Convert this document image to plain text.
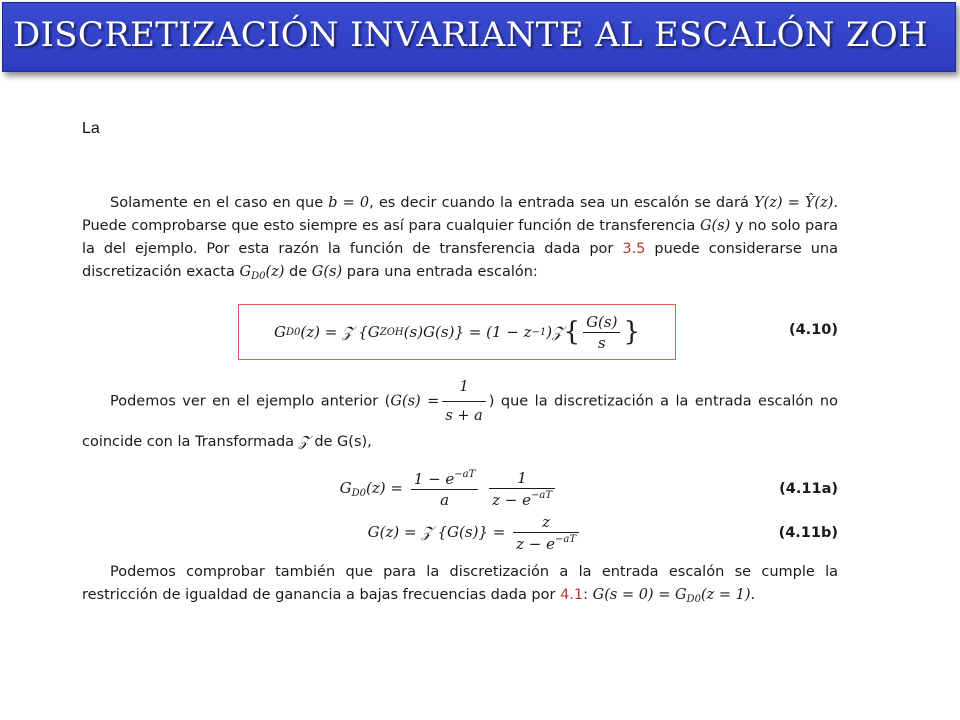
DISCRETIZACIÓN INVARIANTE AL ESCALÓN ZOH
La
Solamente en el caso en que b = 0, es decir cuando la entrada sea un escalón se dará Y(z) = Ŷ(z). Puede comprobarse que esto siempre es así para cualquier función de transferencia G(s) y no solo para la del ejemplo. Por esta razón la función de transferencia dada por 3.5 puede considerarse una discretización exacta $G_{D0}(z)$ de G(s) para una entrada escalón:
G D0 (z) = 𝒵 {G ZOH (s)G(s)} = (1 − z −1 )𝒵 { $\frac{G(s)}{s}$ }	(4.10)
Podemos ver en el ejemplo anterior ($G(s) = \frac{1}{s + a}$ ) que la discretización a la entrada escalón no coincide con la Transformada 𝒵 de G(s),
$G_{D0}(z) = \frac{1 - e^{-aT}}{a}$
$\frac{1}{z - e^{-aT}}$	(4.11a)
G(z) = 𝒵 $\{G(s)\} = \frac{z}{z - e^{-aT}}$	(4.11b)
Podemos comprobar también que para la discretización a la entrada escalón se cumple la restricción de igualdad de ganancia a bajas frecuencias dada por 4.1: $G(s = 0) = G_{D0}(z = 1)$.
